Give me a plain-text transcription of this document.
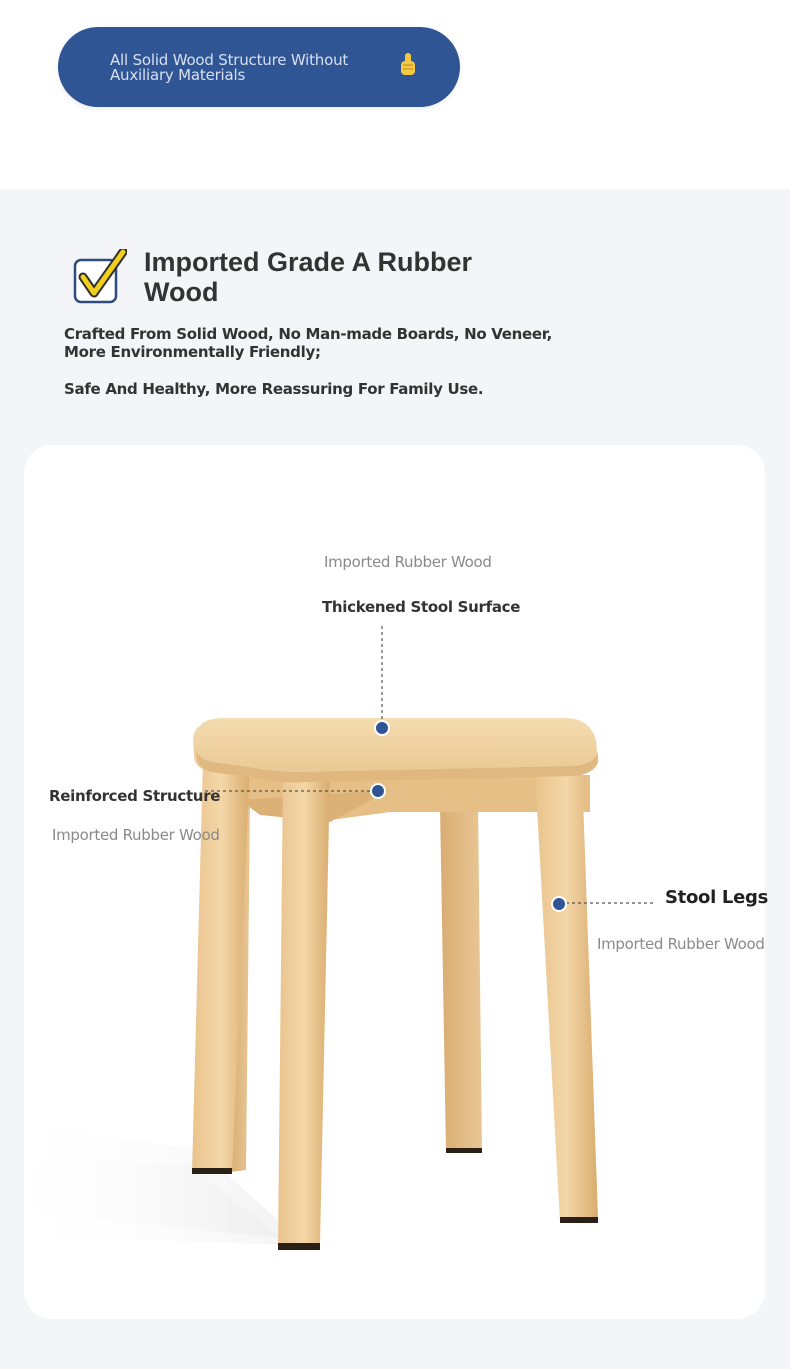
All Solid Wood Structure Without Auxiliary Materials
Imported Grade A Rubber Wood

Crafted From Solid Wood, No Man-made Boards, No Veneer, More Environmentally Friendly;

Safe And Healthy, More Reassuring For Family Use.

Imported Rubber Wood
Thickened Stool Surface
Reinforced Structure
Imported Rubber Wood
Stool Legs
Imported Rubber Wood
